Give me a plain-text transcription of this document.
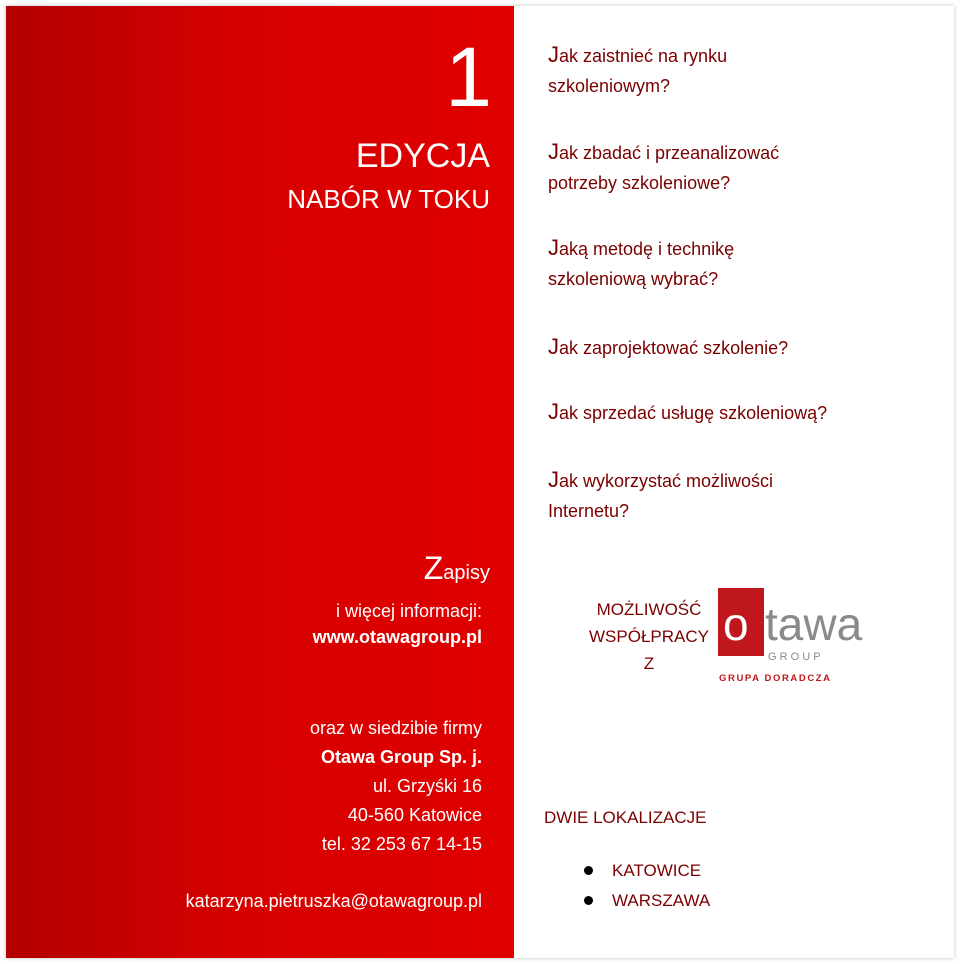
1
EDYCJA
NABÓR W TOKU
Zapisy
i więcej informacji:
www.otawagroup.pl
oraz w siedzibie firmy
Otawa Group Sp. j.
ul. Grzyśki 16
40-560 Katowice
tel. 32 253 67 14-15
katarzyna.pietruszka@otawagroup.pl
Jak zaistnieć na rynku
szkoleniowym?
Jak zbadać i przeanalizować
potrzeby szkoleniowe?
Jaką metodę i technikę
szkoleniową wybrać?
Jak zaprojektować szkolenie?
Jak sprzedać usługę szkoleniową?
Jak wykorzystać możliwości
Internetu?
MOŻLIWOŚĆ
WSPÓŁPRACY
Z
o tawa
G R O U P
GRUPA DORADCZA
DWIE LOKALIZACJE
KATOWICE
WARSZAWA
